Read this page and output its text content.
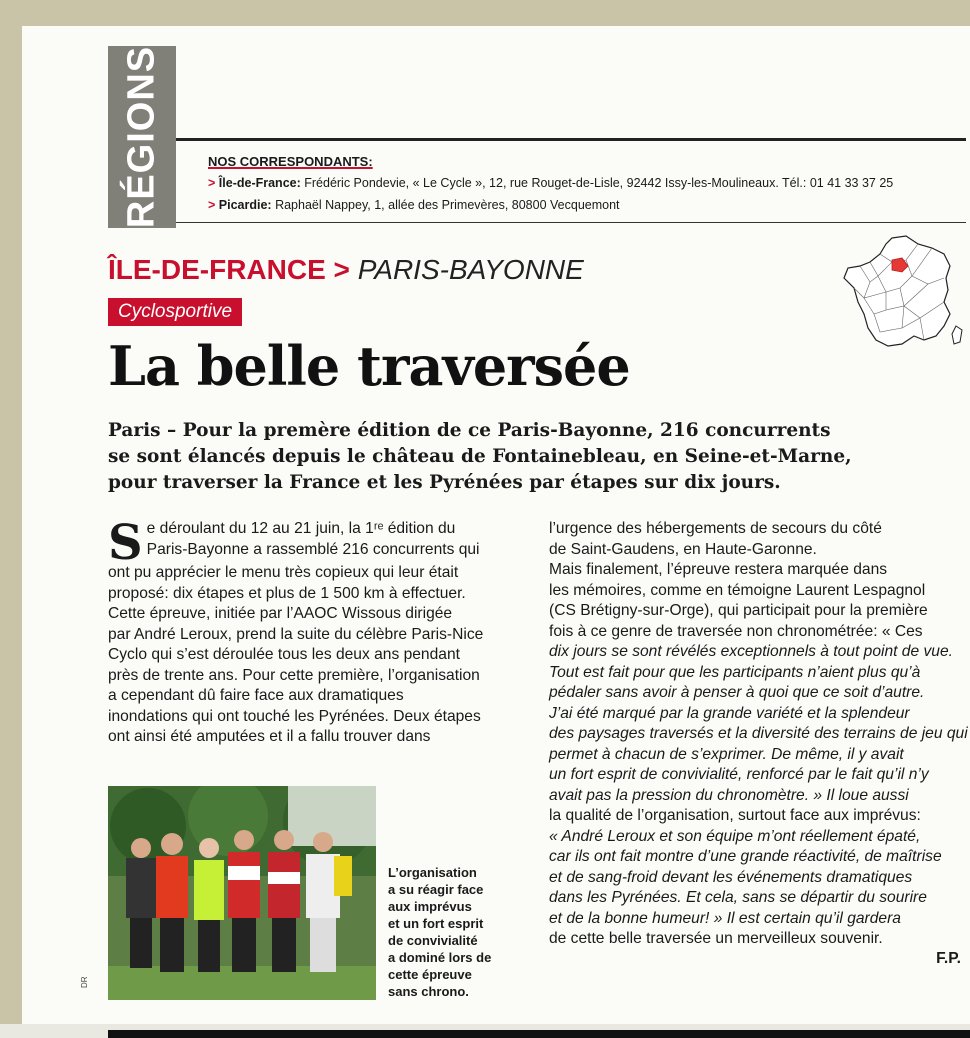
RÉGIONS	NOS CORRESPONDANTS:
> Île-de-France: Frédéric Pondevie, « Le Cycle », 12, rue Rouget-de-Lisle, 92442 Issy-les-Moulineaux. Tél.: 01 41 33 37 25
> Picardie: Raphaël Nappey, 1, allée des Primevères, 80800 Vecquemont
ÎLE-DE-FRANCE > PARIS-BAYONNE
Cyclosportive
La belle traversée
Paris – Pour la premère édition de ce Paris-Bayonne, 216 concurrents
se sont élancés depuis le château de Fontainebleau, en Seine-et-Marne,
pour traverser la France et les Pyrénées par étapes sur dix jours.
S e déroulant du 12 au 21 juin, la 1ʳᵉ édition du
Paris-Bayonne a rassemblé 216 concurrents qui
ont pu apprécier le menu très copieux qui leur était
proposé: dix étapes et plus de 1 500 km à effectuer.
Cette épreuve, initiée par l’AAOC Wissous dirigée
par André Leroux, prend la suite du célèbre Paris-Nice
Cyclo qui s’est déroulée tous les deux ans pendant
près de trente ans. Pour cette première, l’organisation
a cependant dû faire face aux dramatiques
inondations qui ont touché les Pyrénées. Deux étapes
ont ainsi été amputées et il a fallu trouver dans
l’urgence des hébergements de secours du côté
de Saint-Gaudens, en Haute-Garonne.
Mais finalement, l’épreuve restera marquée dans
les mémoires, comme en témoigne Laurent Lespagnol
(CS Brétigny-sur-Orge), qui participait pour la première
fois à ce genre de traversée non chronométrée: « Ces
dix jours se sont révélés exceptionnels à tout point de vue.
Tout est fait pour que les participants n’aient plus qu’à
pédaler sans avoir à penser à quoi que ce soit d’autre.
J’ai été marqué par la grande variété et la splendeur
des paysages traversés et la diversité des terrains de jeu qui
permet à chacun de s’exprimer. De même, il y avait
un fort esprit de convivialité, renforcé par le fait qu’il n’y
avait pas la pression du chronomètre. » Il loue aussi
la qualité de l’organisation, surtout face aux imprévus:
« André Leroux et son équipe m’ont réellement épaté,
car ils ont fait montre d’une grande réactivité, de maîtrise
et de sang-froid devant les événements dramatiques
dans les Pyrénées. Et cela, sans se départir du sourire
et de la bonne humeur! » Il est certain qu’il gardera
de cette belle traversée un merveilleux souvenir.
F.P.
L’organisation
a su réagir face
aux imprévus
et un fort esprit
de convivialité
a dominé lors de
cette épreuve
sans chrono.
DR
